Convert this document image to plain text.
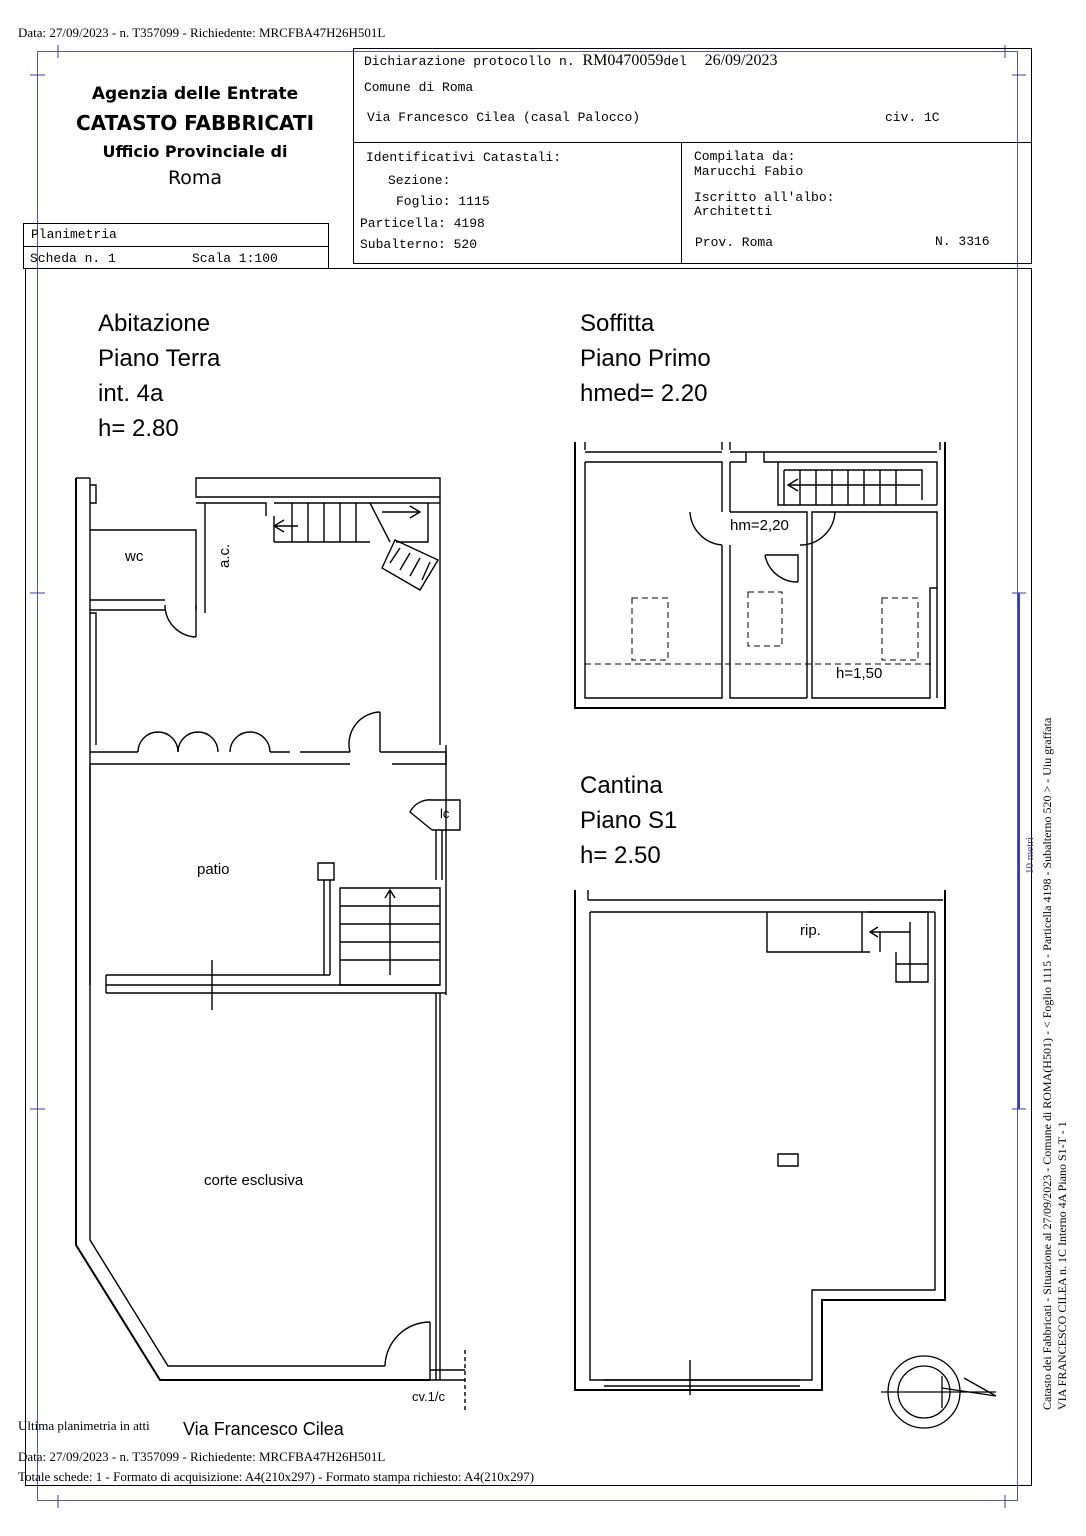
Data: 27/09/2023 - n. T357099 - Richiedente: MRCFBA47H26H501L
Agenzia delle Entrate
CATASTO FABBRICATI
Ufficio Provinciale di
Roma
Planimetria
Scheda n. 1	Scala 1:100
Dichiarazione protocollo n. RM0470059del 26/09/2023
Comune di Roma
Via Francesco Cilea (casal Palocco)	civ. 1C
Identificativi Catastali:
Sezione:
Foglio: 1115
Particella: 4198
Subalterno: 520
Compilata da:
Marucchi Fabio
Iscritto all'albo:
Architetti
Prov. Roma	N. 3316
Abitazione
Piano Terra
int. 4a
h= 2.80
Soffitta
Piano Primo
hmed= 2.20
Cantina
Piano S1
h= 2.50
wc	a.c.
lc
patio
corte esclusiva
cv.1/c
hm=2,20
h=1,50
rip.
10 metri Catasto dei Fabbricati - Situazione al 27/09/2023 - Comune di ROMA(H501) - < Foglio 1115 - Particella 4198 - Subalterno 520 > - Uiu graffata VIA FRANCESCO CILEA n. 1C Interno 4A Piano S1-T - 1
Ultima planimetria in atti Via Francesco Cilea
Data: 27/09/2023 - n. T357099 - Richiedente: MRCFBA47H26H501L
Totale schede: 1 - Formato di acquisizione: A4(210x297) - Formato stampa richiesto: A4(210x297)
